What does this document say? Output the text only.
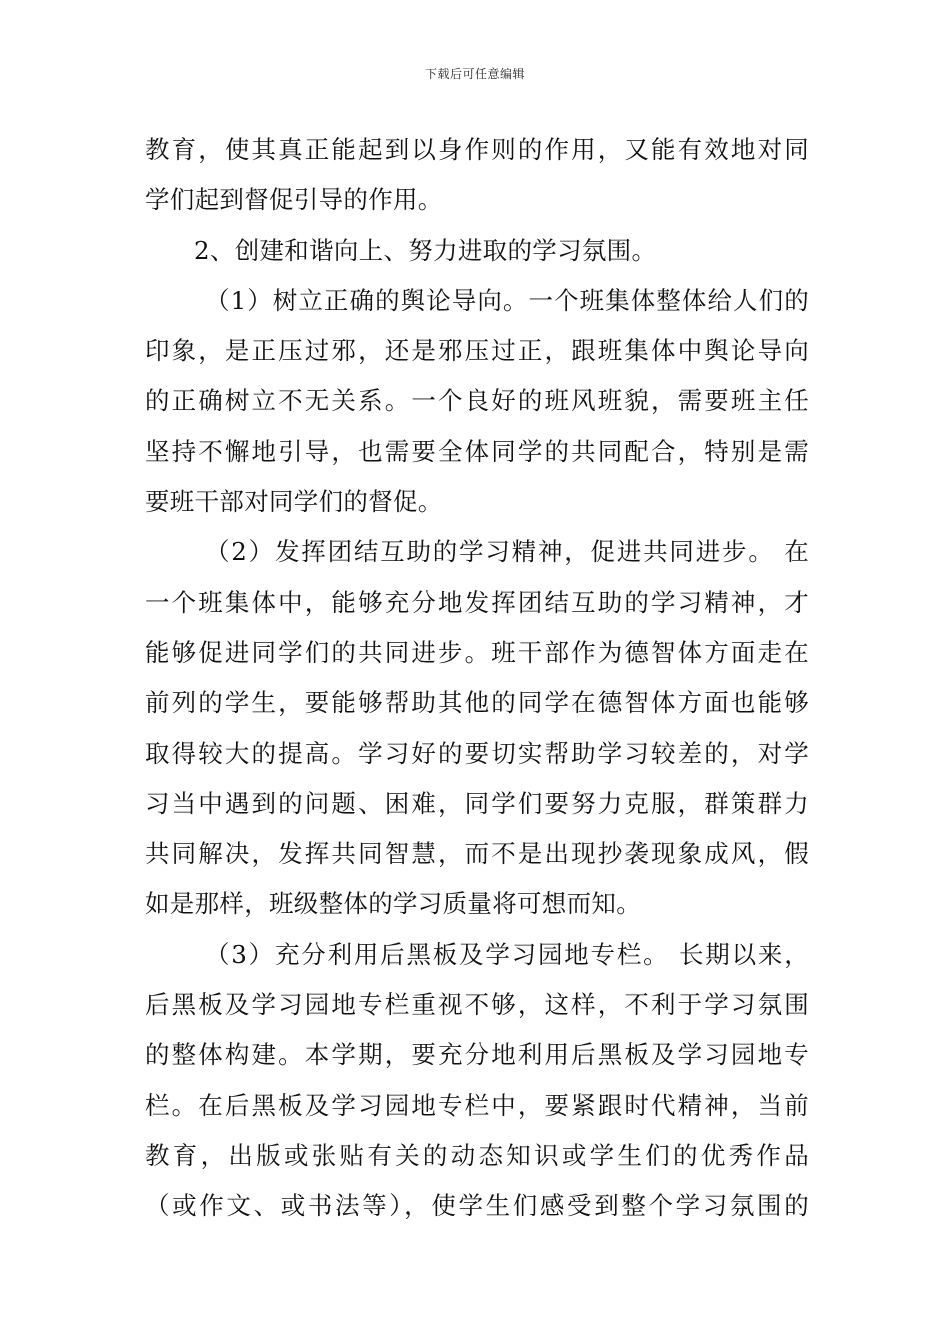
下载后可任意编辑
教育，使其真正能起到以身作则的作用，又能有效地对同
学们起到督促引导的作用。
2、创建和谐向上、努力进取的学习氛围。
（1）树立正确的舆论导向。一个班集体整体给人们的
印象，是正压过邪，还是邪压过正，跟班集体中舆论导向
的正确树立不无关系。一个良好的班风班貌，需要班主任
坚持不懈地引导，也需要全体同学的共同配合，特别是需
要班干部对同学们的督促。
（2）发挥团结互助的学习精神，促进共同进步。 在
一个班集体中，能够充分地发挥团结互助的学习精神，才
能够促进同学们的共同进步。班干部作为德智体方面走在
前列的学生，要能够帮助其他的同学在德智体方面也能够
取得较大的提高。学习好的要切实帮助学习较差的，对学
习当中遇到的问题、困难，同学们要努力克服，群策群力
共同解决，发挥共同智慧，而不是出现抄袭现象成风，假
如是那样，班级整体的学习质量将可想而知。
（3）充分利用后黑板及学习园地专栏。 长期以来，
后黑板及学习园地专栏重视不够，这样，不利于学习氛围
的整体构建。本学期，要充分地利用后黑板及学习园地专
栏。在后黑板及学习园地专栏中，要紧跟时代精神，当前
教育，出版或张贴有关的动态知识或学生们的优秀作品
（或作文、或书法等），使学生们感受到整个学习氛围的
